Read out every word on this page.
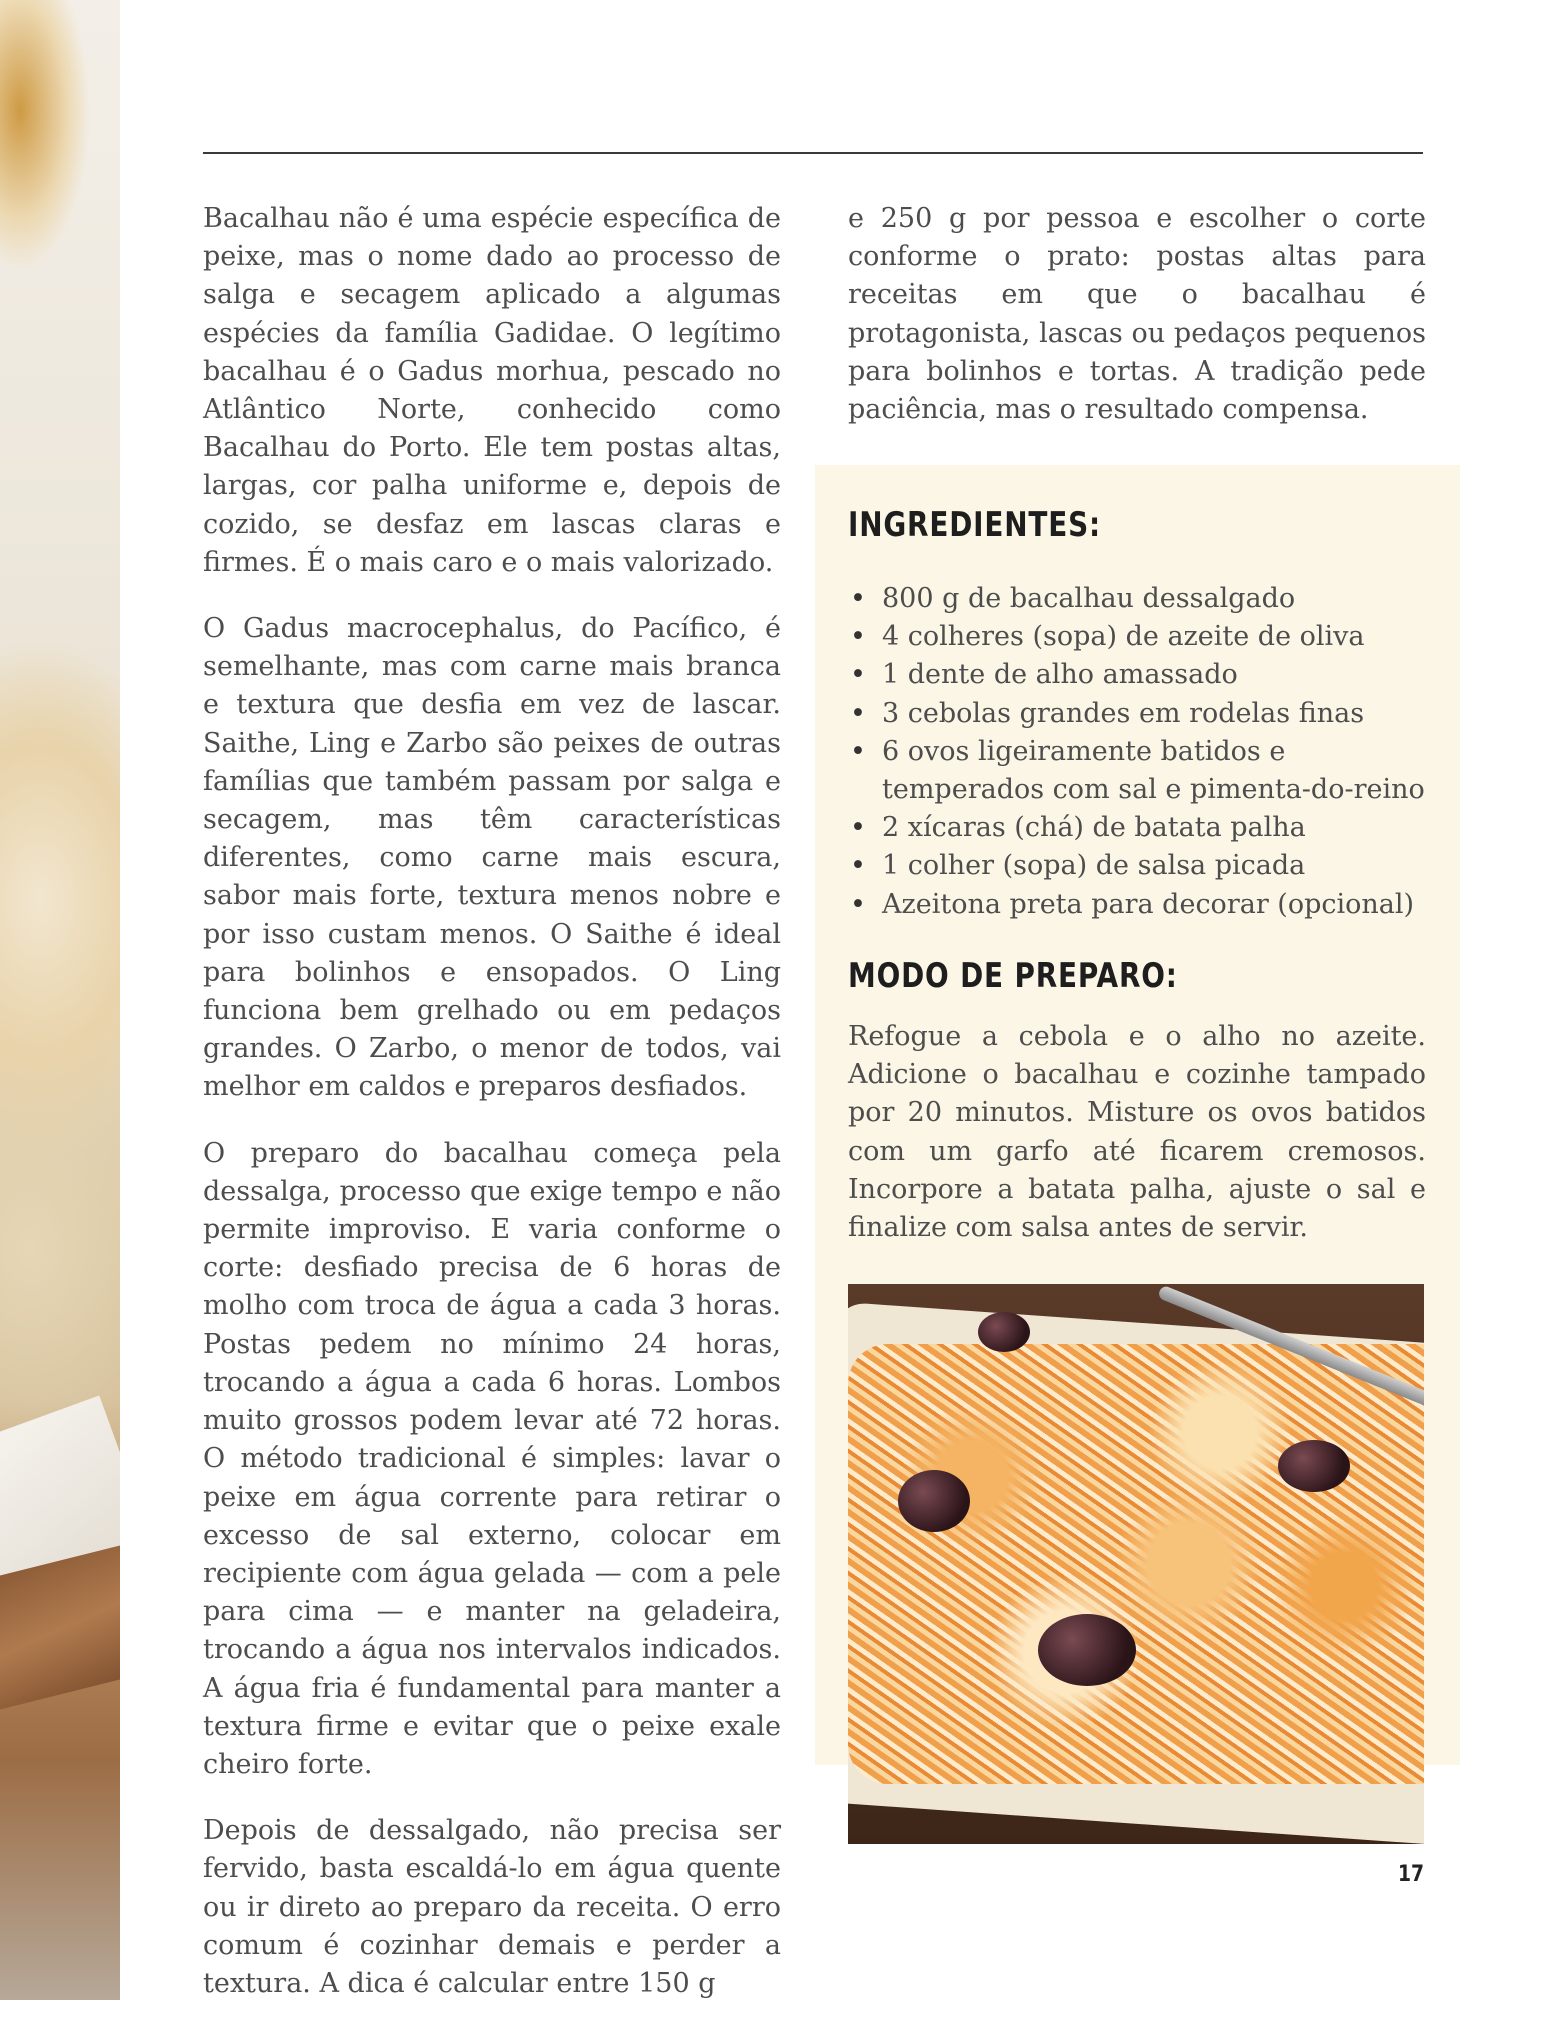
Bacalhau não é uma espécie específica de peixe, mas o nome dado ao processo de salga e secagem aplicado a algumas espécies da família Gadidae. O legítimo bacalhau é o Gadus morhua, pescado no Atlântico Norte, conhecido como Bacalhau do Porto. Ele tem postas altas, largas, cor palha uniforme e, depois de cozido, se desfaz em lascas claras e firmes. É o mais caro e o mais valorizado.

O Gadus macrocephalus, do Pacífico, é semelhante, mas com carne mais branca e textura que desfia em vez de lascar. Saithe, Ling e Zarbo são peixes de outras famílias que também passam por salga e secagem, mas têm características diferentes, como carne mais escura, sabor mais forte, textura menos nobre e por isso custam menos. O Saithe é ideal para bolinhos e ensopados. O Ling funciona bem grelhado ou em pedaços grandes. O Zarbo, o menor de todos, vai melhor em caldos e preparos desfiados.

O preparo do bacalhau começa pela dessalga, processo que exige tempo e não permite improviso. E varia conforme o corte: desfiado precisa de 6 horas de molho com troca de água a cada 3 horas. Postas pedem no mínimo 24 horas, trocando a água a cada 6 horas. Lombos muito grossos podem levar até 72 horas. O método tradicional é simples: lavar o peixe em água corrente para retirar o excesso de sal externo, colocar em recipiente com água gelada — com a pele para cima — e manter na geladeira, trocando a água nos intervalos indicados. A água fria é fundamental para manter a textura firme e evitar que o peixe exale cheiro forte.

Depois de dessalgado, não precisa ser fervido, basta escaldá-lo em água quente ou ir direto ao preparo da receita. O erro comum é cozinhar demais e perder a textura. A dica é calcular entre 150 g

e 250 g por pessoa e escolher o corte conforme o prato: postas altas para receitas em que o bacalhau é protagonista, lascas ou pedaços pequenos para bolinhos e tortas. A tradição pede paciência, mas o resultado compensa.

INGREDIENTES:
• 800 g de bacalhau dessalgado
• 4 colheres (sopa) de azeite de oliva
• 1 dente de alho amassado
• 3 cebolas grandes em rodelas finas
• 6 ovos ligeiramente batidos e temperados com sal e pimenta-do-reino
• 2 xícaras (chá) de batata palha
• 1 colher (sopa) de salsa picada
• Azeitona preta para decorar (opcional)
MODO DE PREPARO:

Refogue a cebola e o alho no azeite. Adicione o bacalhau e cozinhe tampado por 20 minutos. Misture os ovos batidos com um garfo até ficarem cremosos. Incorpore a batata palha, ajuste o sal e finalize com salsa antes de servir.

17
